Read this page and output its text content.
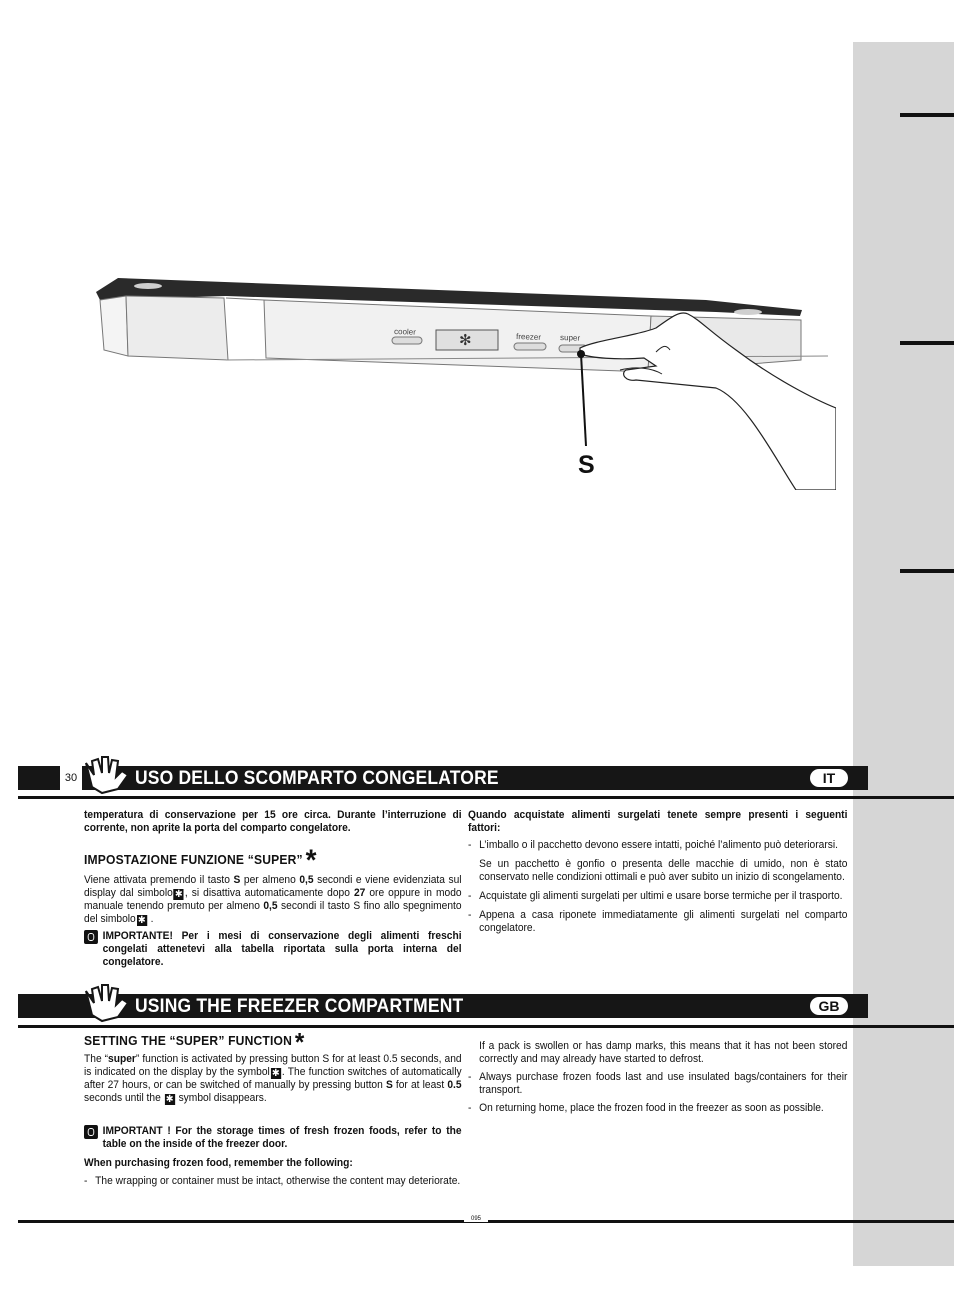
cooler
freezer super
✻
S
30	USO DELLO SCOMPARTO CONGELATORE	IT

temperatura di conservazione per 15 ore circa. Durante l’interruzione di corrente, non aprite la porta del comparto congelatore.

IMPOSTAZIONE FUNZIONE “SUPER” *

Viene attivata premendo il tasto S per almeno 0,5 secondi e viene evidenziata sul display dal simbolo ✱ , si disattiva automaticamente dopo 27 ore oppure in modo manuale tenendo premuto per almeno 0,5 secondi il tasto S fino allo spegnimento del simbolo ✱ .

IMPORTANTE! Per i mesi di conservazione degli alimenti freschi congelati attenetevi alla tabella riportata sulla porta interna del congelatore.

Quando acquistate alimenti surgelati tenete sempre presenti i seguenti fattori:

- L’imballo o il pacchetto devono essere intatti, poiché l’alimento può deteriorarsi.

Se un pacchetto è gonfio o presenta delle macchie di umido, non è stato conservato nelle condizioni ottimali e può aver subito un inizio di scongelamento.

- Acquistate gli alimenti surgelati per ultimi e usare borse termiche per il trasporto.

- Appena a casa riponete immediatamente gli alimenti surgelati nel comparto congelatore.

USING THE FREEZER COMPARTMENT	GB

SETTING THE “SUPER” FUNCTION *

The “super” function is activated by pressing button S for at least 0.5 seconds, and is indicated on the display by the symbol ✱ . The function switches of automatically after 27 hours, or can be switched of manually by pressing button S for at least 0.5 seconds until the ✱ symbol disappears.

IMPORTANT ! For the storage times of fresh frozen foods, refer to the table on the inside of the freezer door.

When purchasing frozen food, remember the following:

- The wrapping or container must be intact, otherwise the content may deteriorate.

If a pack is swollen or has damp marks, this means that it has not been stored correctly and may already have started to defrost.

- Always purchase frozen foods last and use insulated bags/containers for their transport.

- On returning home, place the frozen food in the freezer as soon as possible.

095
